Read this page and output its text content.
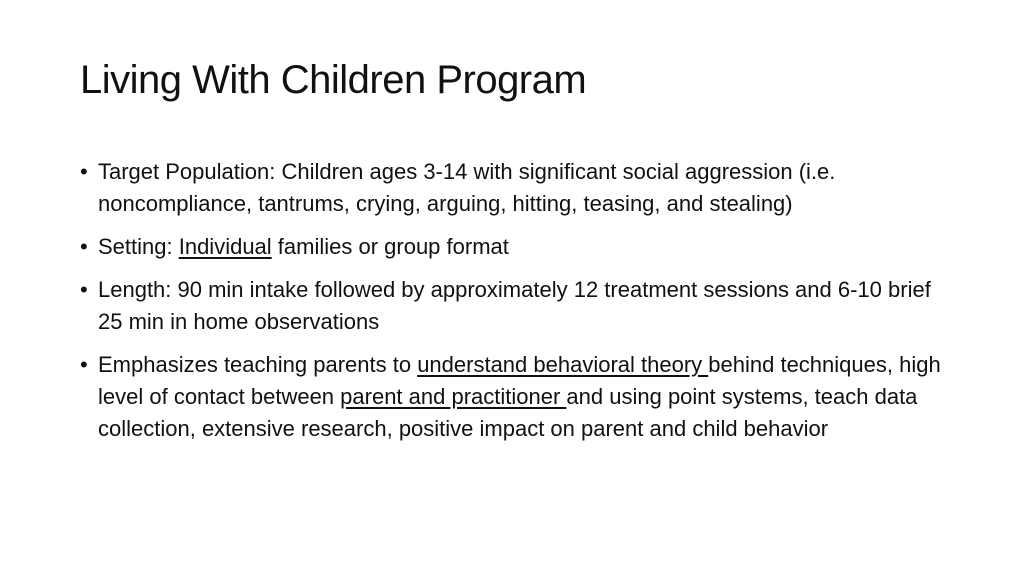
Living With Children Program
• Target Population: Children ages 3-14 with significant social aggression (i.e. noncompliance, tantrums, crying, arguing, hitting, teasing, and stealing)
• Setting: Individual families or group format
• Length: 90 min intake followed by approximately 12 treatment sessions and 6-10 brief 25 min in home observations
• Emphasizes teaching parents to understand behavioral theory behind techniques, high level of contact between parent and practitioner and using point systems, teach data collection, extensive research, positive impact on parent and child behavior
